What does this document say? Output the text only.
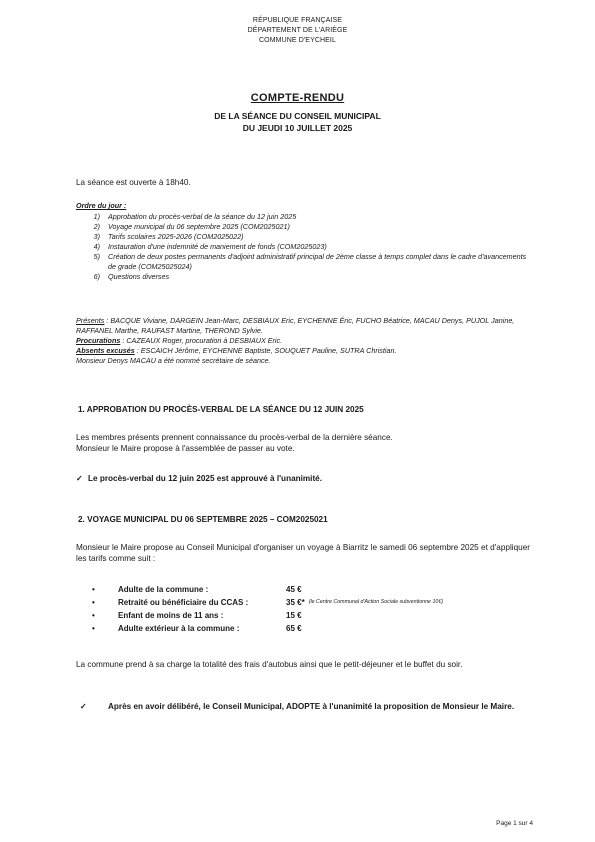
RÉPUBLIQUE FRANÇAISE
DÉPARTEMENT DE L'ARIÈGE
COMMUNE D'EYCHEIL
COMPTE-RENDU
DE LA SÉANCE DU CONSEIL MUNICIPAL
DU JEUDI 10 JUILLET 2025
La séance est ouverte à 18h40.
Ordre du jour :
1)	Approbation du procès-verbal de la séance du 12 juin 2025
2)	Voyage municipal du 06 septembre 2025 (COM2025021)
3)	Tarifs scolaires 2025-2026 (COM2025022)
4)	Instauration d'une indemnité de maniement de fonds (COM2025023)
5)	Création de deux postes permanents d'adjoint administratif principal de 2ème classe à temps complet dans le cadre d'avancements de grade (COM25025024)
6)	Questions diverses
Présents : BACQUE Viviane, DARGEIN Jean-Marc, DESBIAUX Eric, EYCHENNE Éric, FUCHO Béatrice, MACAU Denys, PUJOL Janine, RAFFANEL Marthe, RAUFAST Martine, THEROND Sylvie.
Procurations : CAZEAUX Roger, procuration à DESBIAUX Eric.
Absents excusés : ESCAICH Jérôme, EYCHENNE Baptiste, SOUQUET Pauline, SUTRA Christian.
Monsieur Denys MACAU a été nommé secrétaire de séance.
1. APPROBATION DU PROCÈS-VERBAL DE LA SÉANCE DU 12 JUIN 2025
Les membres présents prennent connaissance du procès-verbal de la dernière séance.
Monsieur le Maire propose à l'assemblée de passer au vote.
✓ Le procès-verbal du 12 juin 2025 est approuvé à l'unanimité.
2. VOYAGE MUNICIPAL DU 06 SEPTEMBRE 2025 – COM2025021
Monsieur le Maire propose au Conseil Municipal d'organiser un voyage à Biarritz le samedi 06 septembre 2025 et d'appliquer les tarifs comme suit :
•	Adulte de la commune :	45 €
•	Retraité ou bénéficiaire du CCAS :	35 €* (le Centre Communal d'Action Sociale subventionne 10€)
•	Enfant de moins de 11 ans :	15 €
•	Adulte extérieur à la commune :	65 €
La commune prend à sa charge la totalité des frais d'autobus ainsi que le petit-déjeuner et le buffet du soir.
✓	Après en avoir délibéré, le Conseil Municipal, ADOPTE à l'unanimité la proposition de Monsieur le Maire.
Page 1 sur 4
